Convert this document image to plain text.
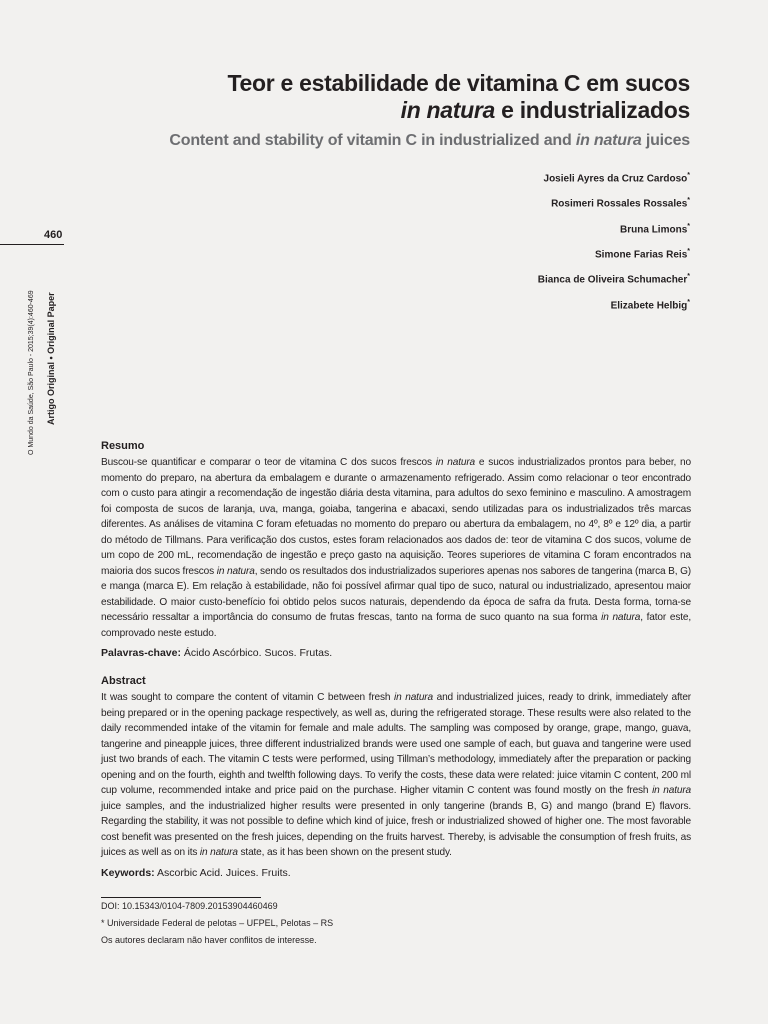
Teor e estabilidade de vitamina C em sucos
in natura e industrializados
Content and stability of vitamin C in industrialized and in natura juices
Josieli Ayres da Cruz Cardoso*
Rosimeri Rossales Rossales*
Bruna Limons*
Simone Farias Reis*
Bianca de Oliveira Schumacher*
Elizabete Helbig*
460
O Mundo da Saúde, São Paulo - 2015;39(4):460-469 Artigo Original • Original Paper
Resumo

Buscou-se quantificar e comparar o teor de vitamina C dos sucos frescos in natura e sucos industrializados prontos para beber, no momento do preparo, na abertura da embalagem e durante o armazenamento refrigerado. Assim como relacionar o teor encontrado com o custo para atingir a recomendação de ingestão diária desta vitamina, para adultos do sexo feminino e masculino. A amostragem foi composta de sucos de laranja, uva, manga, goiaba, tangerina e abacaxi, sendo utilizadas para os industrializados três marcas diferentes. As análises de vitamina C foram efetuadas no momento do preparo ou abertura da embalagem, no 4º, 8º e 12º dia, a partir do método de Tillmans. Para verificação dos custos, estes foram relacionados aos dados de: teor de vitamina C dos sucos, volume de um copo de 200 mL, recomendação de ingestão e preço gasto na aquisição. Teores superiores de vitamina C foram encontrados na maioria dos sucos frescos in natura, sendo os resultados dos industrializados superiores apenas nos sabores de tangerina (marca B, G) e manga (marca E). Em relação à estabilidade, não foi possível afirmar qual tipo de suco, natural ou industrializado, apresentou maior estabilidade. O maior custo-benefício foi obtido pelos sucos naturais, dependendo da época de safra da fruta. Desta forma, torna-se necessário ressaltar a importância do consumo de frutas frescas, tanto na forma de suco quanto na sua forma in natura, fator este, comprovado neste estudo.

Palavras-chave: Ácido Ascórbico. Sucos. Frutas.

Abstract

It was sought to compare the content of vitamin C between fresh in natura and industrialized juices, ready to drink, immediately after being prepared or in the opening package respectively, as well as, during the refrigerated storage. These results were also related to the daily recommended intake of the vitamin for female and male adults. The sampling was composed by orange, grape, mango, guava, tangerine and pineapple juices, three different industrialized brands were used one sample of each, but guava and tangerine were used just two brands of each. The vitamin C tests were performed, using Tillman’s methodology, immediately after the preparation or packing opening and on the fourth, eighth and twelfth following days. To verify the costs, these data were related: juice vitamin C content, 200 ml cup volume, recommended intake and price paid on the purchase. Higher vitamin C content was found mostly on the fresh in natura juice samples, and the industrialized higher results were presented in only tangerine (brands B, G) and mango (brand E) flavors. Regarding the stability, it was not possible to define which kind of juice, fresh or industrialized showed of higher one. The most favorable cost benefit was presented on the fresh juices, depending on the fruits harvest. Thereby, is advisable the consumption of fresh fruits, as juices as well as on its in natura state, as it has been shown on the present study.

Keywords: Ascorbic Acid. Juices. Fruits.

DOI: 10.15343/0104-7809.20153904460469

* Universidade Federal de pelotas – UFPEL, Pelotas – RS

Os autores declaram não haver conflitos de interesse.
